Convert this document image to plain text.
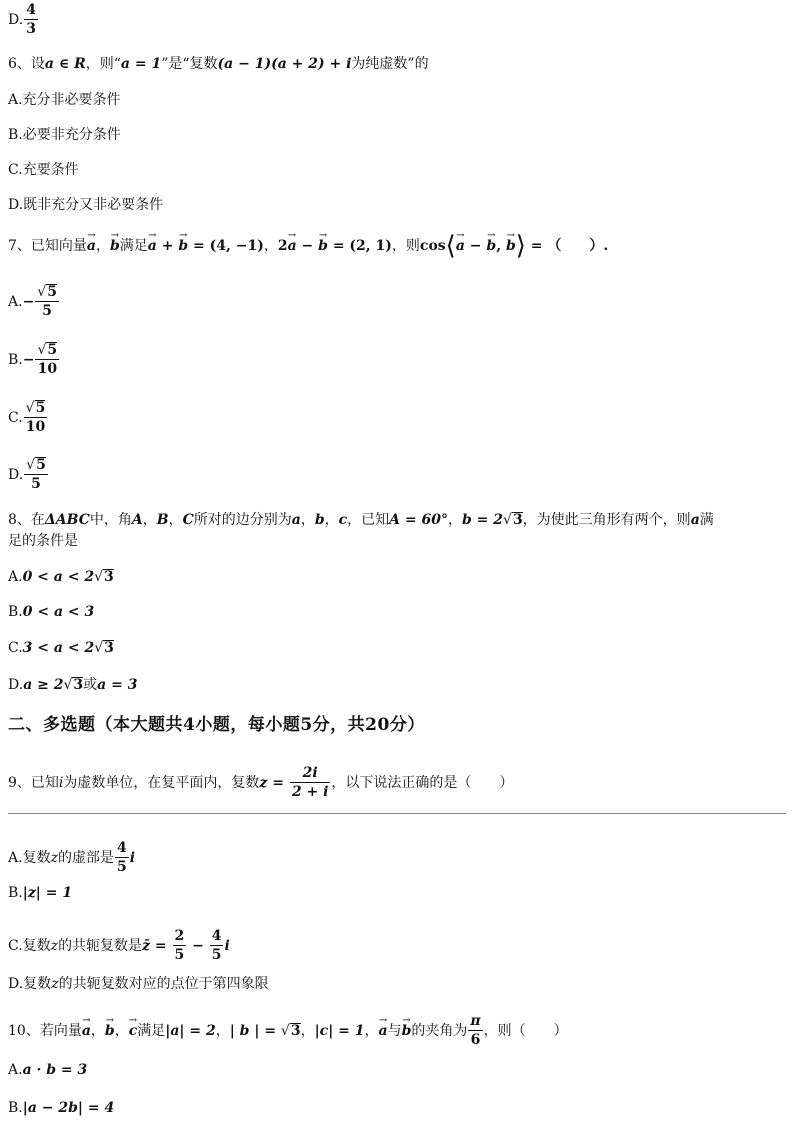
D. $\frac{4}{3}$
6、设a ∈ R，则“a = 1”是“复数(a − 1)(a + 2) + i为纯虚数”的
A.充分非必要条件
B.必要非充分条件
C.充要条件
D.既非充分又非必要条件
7、已知向量→ a，→ b满足→ a + → b = (4, −1)，2→ a − → b = (2, 1)，则cos⟨→ a − → b, → b⟩ = （　　）.
$A.- \frac{√5}{5}$
$B.- \frac{√5}{10}$
C. $\frac{√5}{10}$
D. $\frac{√5}{5}$
8、在ΔABC中，角A，B，C所对的边分别为a，b，c，已知A = 60°，b = 2√3，为使此三角形有两个，则a满
足的条件是
A.0 < a < 2√3
B.0 < a < 3
C.3 < a < 2√3
D.a ≥ 2√3或a = 3
二、多选题（本大题共4小题，每小题5分，共20分）
9、已知i为虚数单位，在复平面内，复数$z = \frac{2i}{2 + i}$ ，以下说法正确的是（　　）
A.复数z的虚部是 $\frac{4}{5}$ i
B.|z| = 1
C.复数z的共轭复数是z̄ = $\frac{2}{5} - \frac{4}{5}$ i
D.复数z的共轭复数对应的点位于第四象限
10、若向量→ a，→ b，→ c满足|a| = 2，| b | = √3，|c| = 1，→ a与→ b的夹角为 $\frac{\pi}{6}$ ，则（　　）
A.a · b = 3
B.|a − 2b| = 4
